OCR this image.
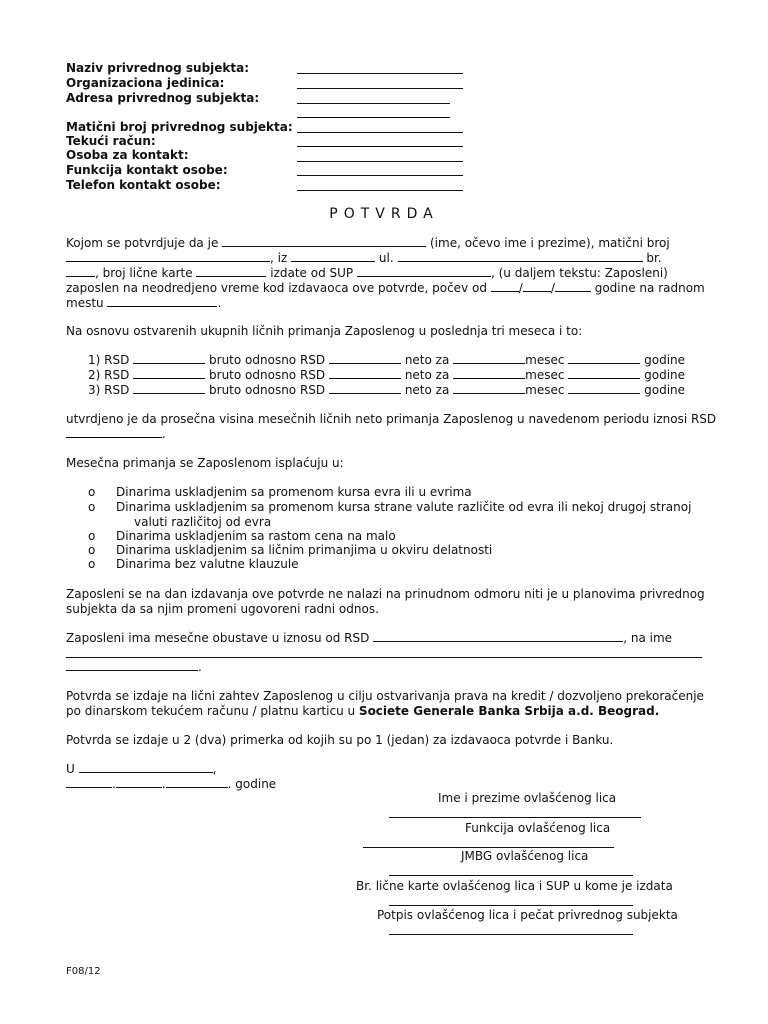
Naziv privrednog subjekta:
Organizaciona jedinica:
Adresa privrednog subjekta:
Matični broj privrednog subjekta:
Tekući račun:
Osoba za kontakt:
Funkcija kontakt osobe:
Telefon kontakt osobe:
POTVRDA
Kojom se potvrdjuje da je	(ime, očevo ime i prezime), matični broj
, iz	ul.	br.
, broj lične karte	izdate od SUP	, (u daljem tekstu: Zaposleni)
zaposlen na neodredjeno vreme kod izdavaoca ove potvrde, počev od	/ /	godine na radnom
mestu	.
Na osnovu ostvarenih ukupnih ličnih primanja Zaposlenog u poslednja tri meseca i to:
1) RSD	bruto odnosno RSD	neto za	mesec	godine
2) RSD	bruto odnosno RSD	neto za	mesec	godine
3) RSD	bruto odnosno RSD	neto za	mesec	godine
utvrdjeno je da prosečna visina mesečnih ličnih neto primanja Zaposlenog u navedenom periodu iznosi RSD
.
Mesečna primanja se Zaposlenom isplaćuju u:
o Dinarima uskladjenim sa promenom kursa evra ili u evrima
o Dinarima uskladjenim sa promenom kursa strane valute različite od evra ili nekoj drugoj stranoj
valuti različitoj od evra
o Dinarima uskladjenim sa rastom cena na malo
o Dinarima uskladjenim sa ličnim primanjima u okviru delatnosti
o Dinarima bez valutne klauzule
Zaposleni se na dan izdavanja ove potvrde ne nalazi na prinudnom odmoru niti je u planovima privrednog
subjekta da sa njim promeni ugovoreni radni odnos.
Zaposleni ima mesečne obustave u iznosu od RSD	, na ime
.
Potvrda se izdaje na lični zahtev Zaposlenog u cilju ostvarivanja prava na kredit / dozvoljeno prekoračenje
po dinarskom tekućem računu / platnu karticu u Societe Generale Banka Srbija a.d. Beograd.
Potvrda se izdaje u 2 (dva) primerka od kojih su po 1 (jedan) za izdavaoca potvrde i Banku.
U	,
.	.	. godine
Ime i prezime ovlašćenog lica
Funkcija ovlašćenog lica
JMBG ovlašćenog lica
Br. lične karte ovlašćenog lica i SUP u kome je izdata
Potpis ovlašćenog lica i pečat privrednog subjekta
F08/12
